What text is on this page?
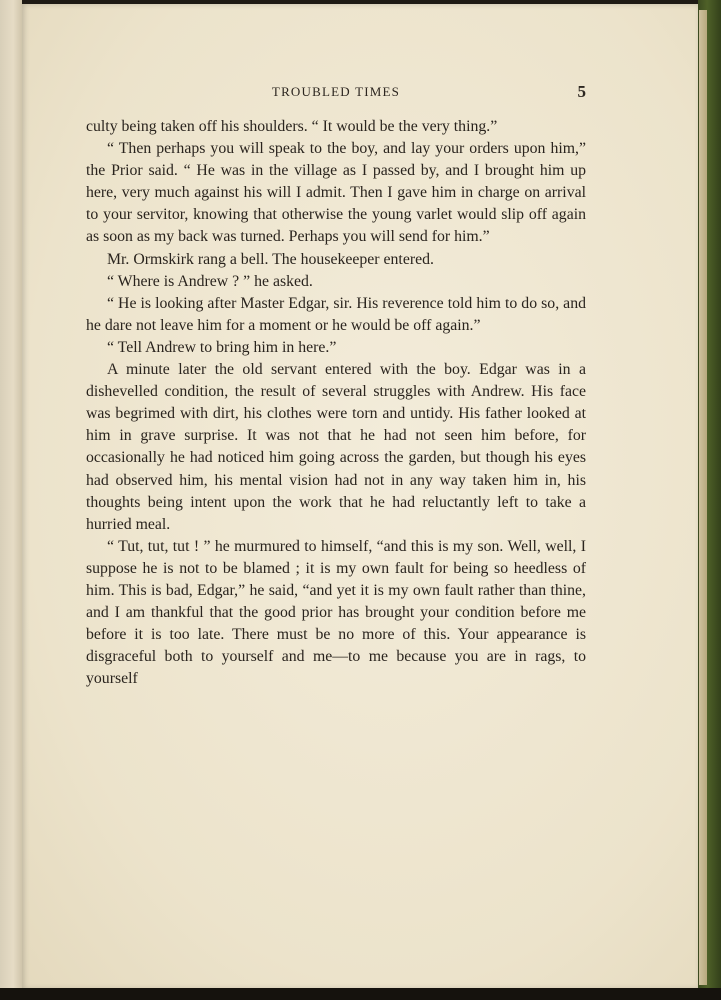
TROUBLED TIMES	5

culty being taken off his shoulders. “ It would be the very thing.”

“ Then perhaps you will speak to the boy, and lay your orders upon him,” the Prior said. “ He was in the village as I passed by, and I brought him up here, very much against his will I admit. Then I gave him in charge on arrival to your servitor, knowing that otherwise the young varlet would slip off again as soon as my back was turned. Perhaps you will send for him.”

Mr. Ormskirk rang a bell. The housekeeper entered.

“ Where is Andrew ? ” he asked.

“ He is looking after Master Edgar, sir. His reverence told him to do so, and he dare not leave him for a moment or he would be off again.”

“ Tell Andrew to bring him in here.”

A minute later the old servant entered with the boy. Edgar was in a dishevelled condition, the result of several struggles with Andrew. His face was begrimed with dirt, his clothes were torn and untidy. His father looked at him in grave surprise. It was not that he had not seen him before, for occasionally he had noticed him going across the garden, but though his eyes had observed him, his mental vision had not in any way taken him in, his thoughts being intent upon the work that he had reluctantly left to take a hurried meal.

“ Tut, tut, tut ! ” he murmured to himself, “and this is my son. Well, well, I suppose he is not to be blamed ; it is my own fault for being so heedless of him. This is bad, Edgar,” he said, “and yet it is my own fault rather than thine, and I am thankful that the good prior has brought your condition before me before it is too late. There must be no more of this. Your appearance is disgraceful both to yourself and me—to me because you are in rags, to yourself
